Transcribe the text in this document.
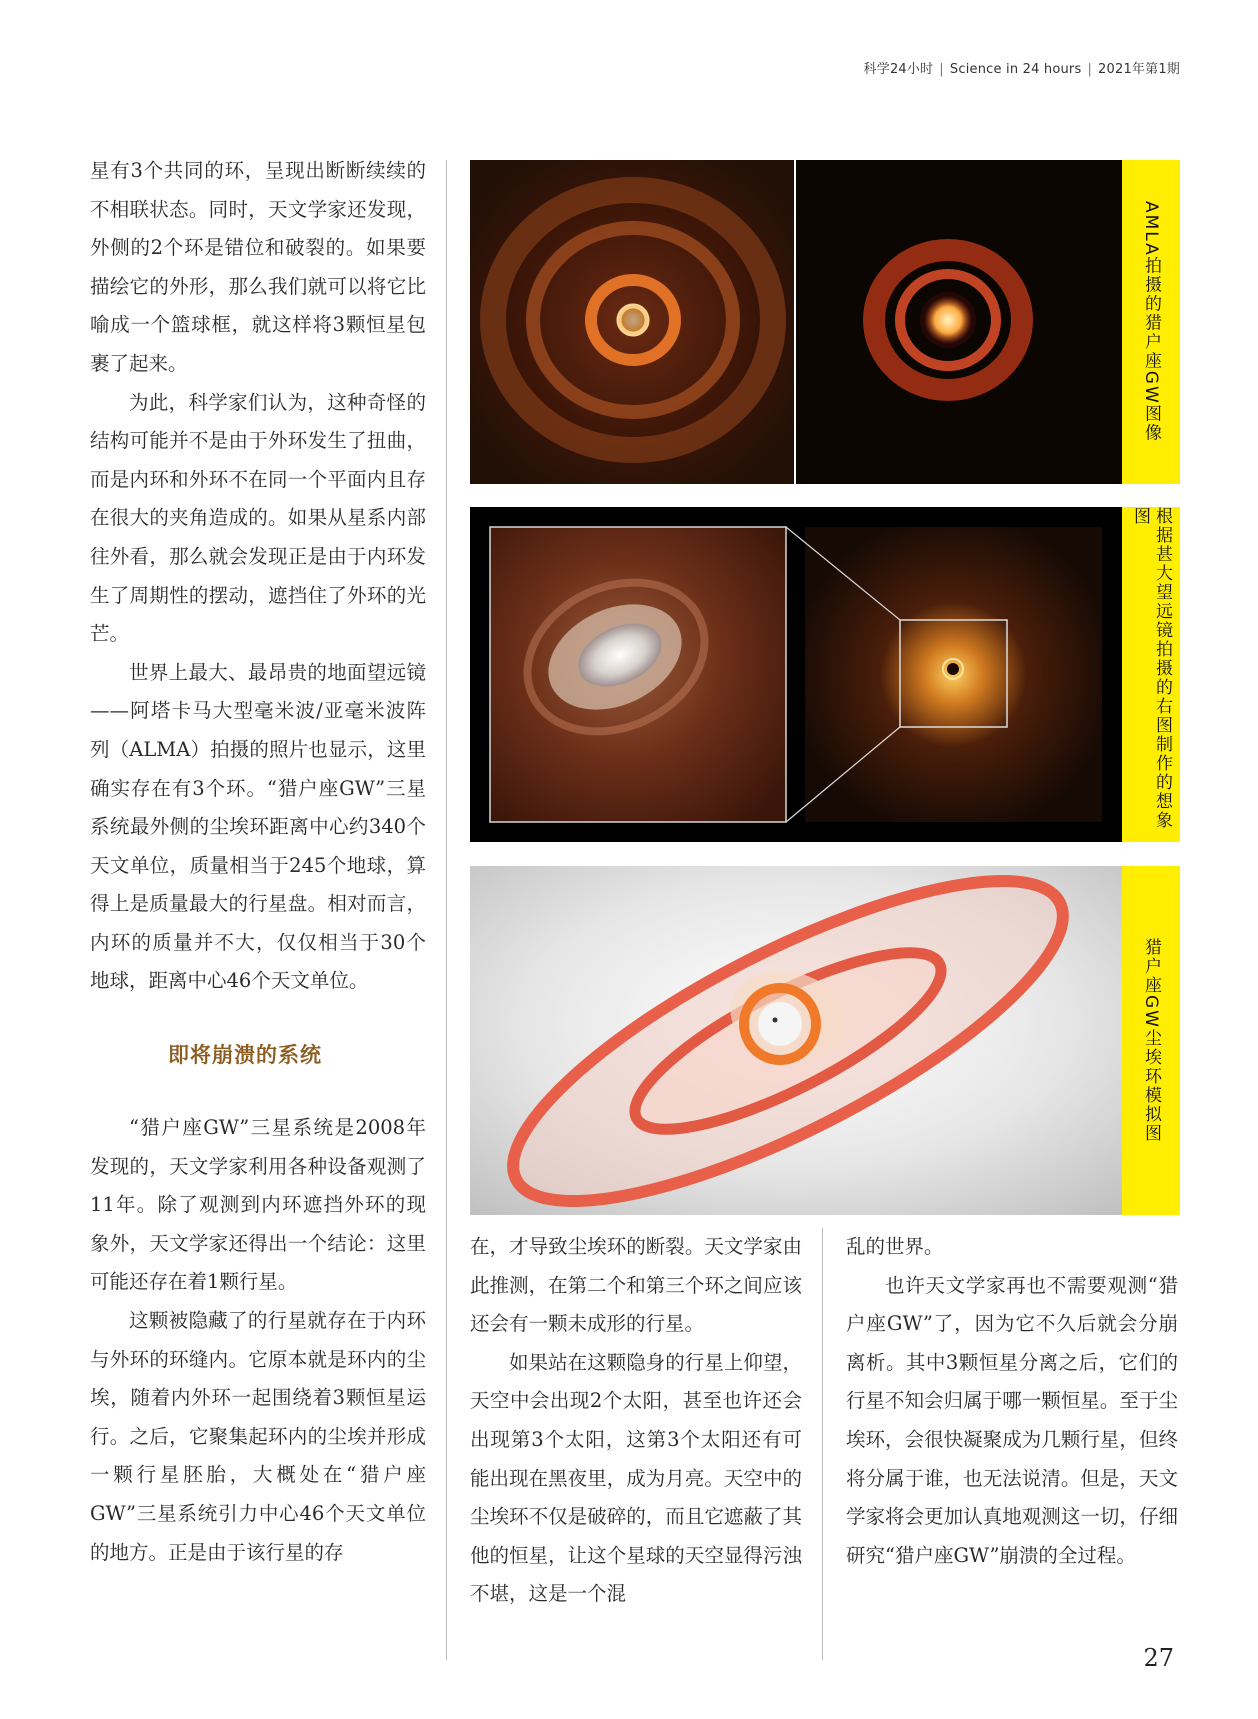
科学24小时 | Science in 24 hours | 2021年第1期

星有3个共同的环，呈现出断断续续的不相联状态。同时，天文学家还发现，外侧的2个环是错位和破裂的。如果要描绘它的外形，那么我们就可以将它比喻成一个篮球框，就这样将3颗恒星包裹了起来。

为此，科学家们认为，这种奇怪的结构可能并不是由于外环发生了扭曲，而是内环和外环不在同一个平面内且存在很大的夹角造成的。如果从星系内部往外看，那么就会发现正是由于内环发生了周期性的摆动，遮挡住了外环的光芒。

世界上最大、最昂贵的地面望远镜——阿塔卡马大型毫米波/亚毫米波阵列（ALMA）拍摄的照片也显示，这里确实存在有3个环。“猎户座GW”三星系统最外侧的尘埃环距离中心约340个天文单位，质量相当于245个地球，算得上是质量最大的行星盘。相对而言，内环的质量并不大，仅仅相当于30个地球，距离中心46个天文单位。

即将崩溃的系统

“猎户座GW”三星系统是2008年发现的，天文学家利用各种设备观测了11年。除了观测到内环遮挡外环的现象外，天文学家还得出一个结论：这里可能还存在着1颗行星。

这颗被隐藏了的行星就存在于内环与外环的环缝内。它原本就是环内的尘埃，随着内外环一起围绕着3颗恒星运行。之后，它聚集起环内的尘埃并形成一颗行星胚胎，大概处在“猎户座GW”三星系统引力中心46个天文单位的地方。正是由于该行星的存

AMLA拍摄的猎户座GW图像
根据甚大望远镜拍摄的右图制作的想象图
猎户座GW尘埃环模拟图

在，才导致尘埃环的断裂。天文学家由此推测，在第二个和第三个环之间应该还会有一颗未成形的行星。

如果站在这颗隐身的行星上仰望，天空中会出现2个太阳，甚至也许还会出现第3个太阳，这第3个太阳还有可能出现在黑夜里，成为月亮。天空中的尘埃环不仅是破碎的，而且它遮蔽了其他的恒星，让这个星球的天空显得污浊不堪，这是一个混

乱的世界。

也许天文学家再也不需要观测“猎户座GW”了，因为它不久后就会分崩离析。其中3颗恒星分离之后，它们的行星不知会归属于哪一颗恒星。至于尘埃环，会很快凝聚成为几颗行星，但终将分属于谁，也无法说清。但是，天文学家将会更加认真地观测这一切，仔细研究“猎户座GW”崩溃的全过程。

27
